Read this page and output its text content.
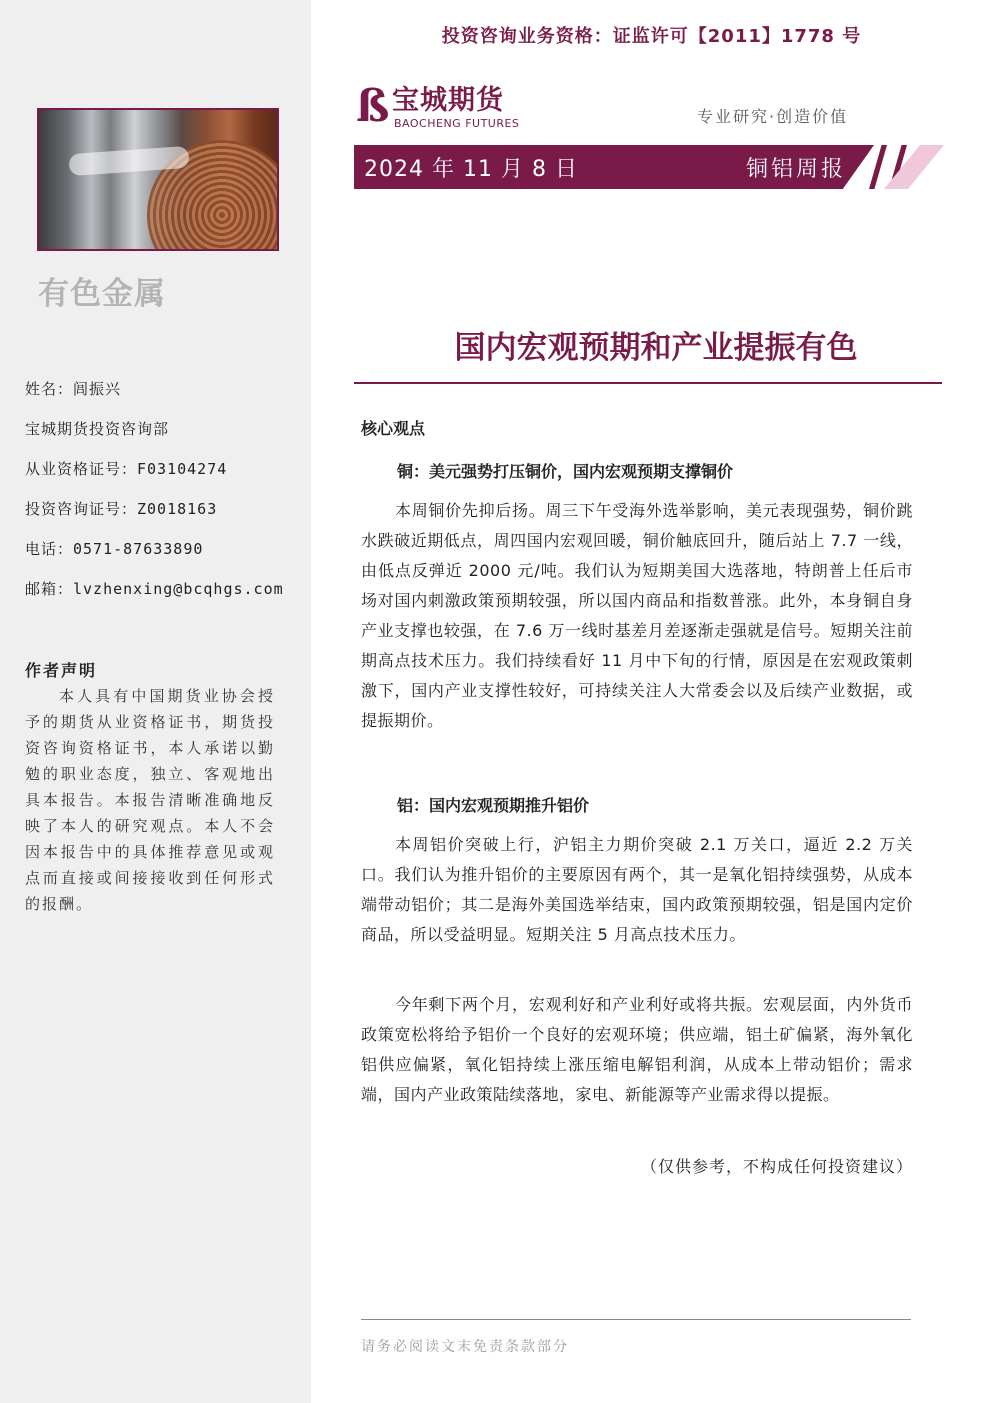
有色金属
姓名：闾振兴
宝城期货投资咨询部
从业资格证号：F03104274
投资咨询证号：Z0018163
电话：0571-87633890
邮箱：lvzhenxing@bcqhgs.com
作者声明
本人具有中国期货业协会授予的期货从业资格证书，期货投资咨询资格证书，本人承诺以勤勉的职业态度，独立、客观地出具本报告。本报告清晰准确地反映了本人的研究观点。本人不会因本报告中的具体推荐意见或观点而直接或间接接收到任何形式的报酬。
投资咨询业务资格：证监许可【2011】1778 号
ß 宝城期货
BAOCHENG FUTURES	专业研究·创造价值
2024 年 11 月 8 日	铜铝周报
国内宏观预期和产业提振有色
核心观点
铜：美元强势打压铜价，国内宏观预期支撑铜价
本周铜价先抑后扬。周三下午受海外选举影响，美元表现强势，铜价跳水跌破近期低点，周四国内宏观回暖，铜价触底回升，随后站上 7.7 一线，由低点反弹近 2000 元/吨。我们认为短期美国大选落地，特朗普上任后市场对国内刺激政策预期较强，所以国内商品和指数普涨。此外，本身铜自身产业支撑也较强，在 7.6 万一线时基差月差逐渐走强就是信号。短期关注前期高点技术压力。我们持续看好 11 月中下旬的行情，原因是在宏观政策刺激下，国内产业支撑性较好，可持续关注人大常委会以及后续产业数据，或提振期价。
铝：国内宏观预期推升铝价
本周铝价突破上行，沪铝主力期价突破 2.1 万关口，逼近 2.2 万关口。我们认为推升铝价的主要原因有两个，其一是氧化铝持续强势，从成本端带动铝价；其二是海外美国选举结束，国内政策预期较强，铝是国内定价商品，所以受益明显。短期关注 5 月高点技术压力。
今年剩下两个月，宏观利好和产业利好或将共振。宏观层面，内外货币政策宽松将给予铝价一个良好的宏观环境；供应端，铝土矿偏紧，海外氧化铝供应偏紧，氧化铝持续上涨压缩电解铝利润，从成本上带动铝价；需求端，国内产业政策陆续落地，家电、新能源等产业需求得以提振。
（仅供参考，不构成任何投资建议）
请务必阅读文末免责条款部分
